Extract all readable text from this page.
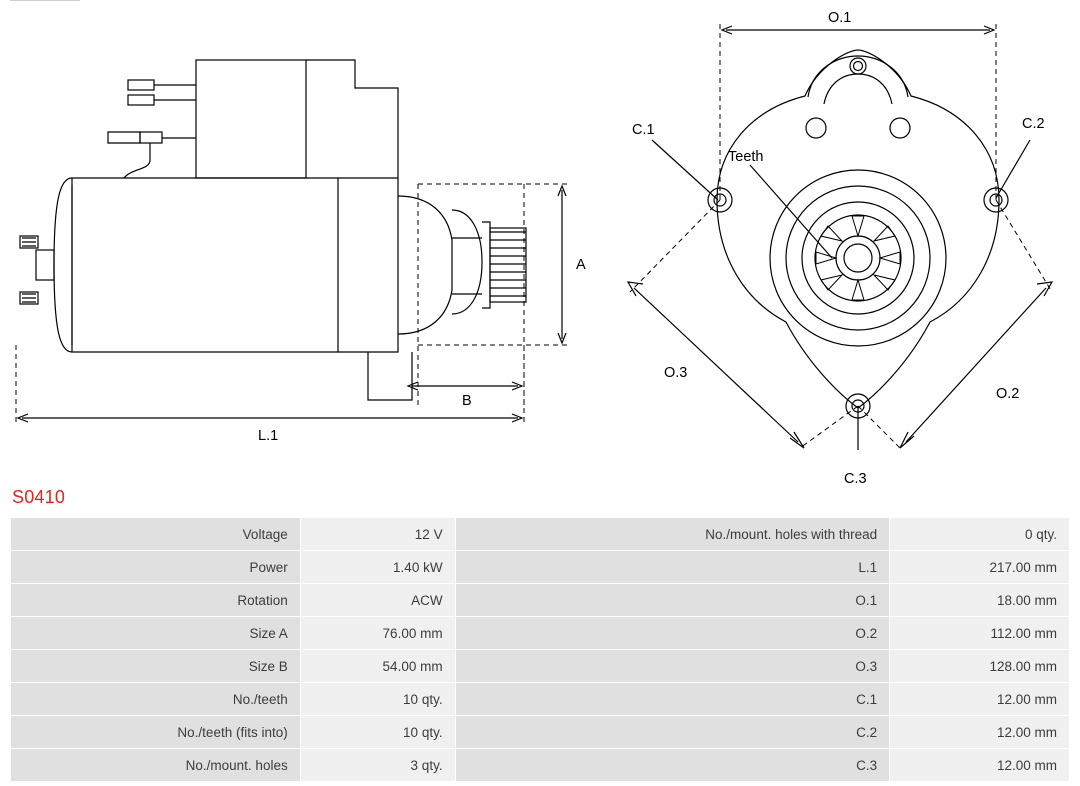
A
B
L.1
O.1
O.2
O.3
C.1	C.2
C.3
Teeth
S0410
Voltage	12 V	No./mount. holes with thread	0 qty.
Power	1.40 kW	L.1	217.00 mm
Rotation	ACW	O.1	18.00 mm
Size A	76.00 mm	O.2	112.00 mm
Size B	54.00 mm	O.3	128.00 mm
No./teeth	10 qty.	C.1	12.00 mm
No./teeth (fits into)	10 qty.	C.2	12.00 mm
No./mount. holes	3 qty.	C.3	12.00 mm
